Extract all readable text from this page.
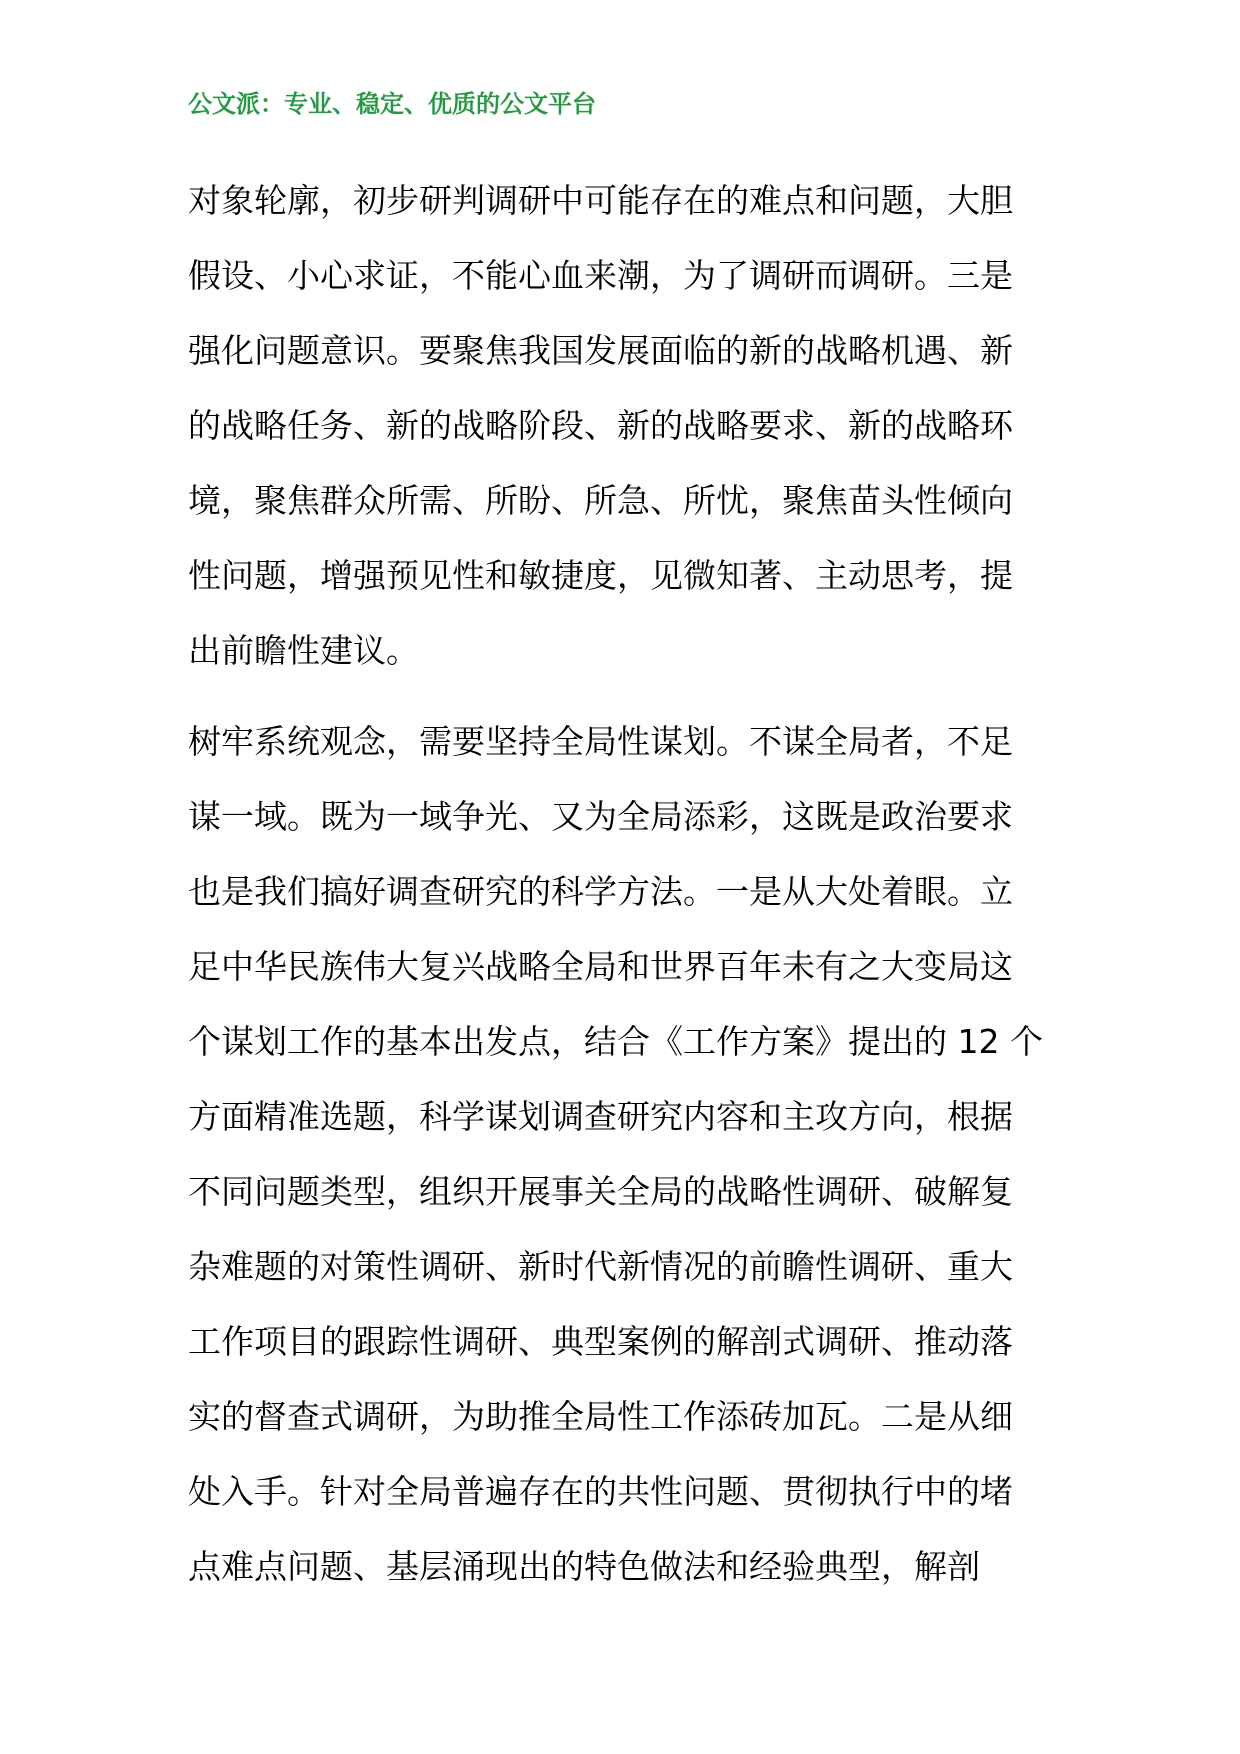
公文派：专业、稳定、优质的公文平台
对象轮廓，初步研判调研中可能存在的难点和问题，大胆
假设、小心求证，不能心血来潮，为了调研而调研。三是
强化问题意识。要聚焦我国发展面临的新的战略机遇、新
的战略任务、新的战略阶段、新的战略要求、新的战略环
境，聚焦群众所需、所盼、所急、所忧，聚焦苗头性倾向
性问题，增强预见性和敏捷度，见微知著、主动思考，提
出前瞻性建议。
树牢系统观念，需要坚持全局性谋划。不谋全局者，不足
谋一域。既为一域争光、又为全局添彩，这既是政治要求
也是我们搞好调查研究的科学方法。一是从大处着眼。立
足中华民族伟大复兴战略全局和世界百年未有之大变局这
个谋划工作的基本出发点，结合《工作方案》提出的 12 个
方面精准选题，科学谋划调查研究内容和主攻方向，根据
不同问题类型，组织开展事关全局的战略性调研、破解复
杂难题的对策性调研、新时代新情况的前瞻性调研、重大
工作项目的跟踪性调研、典型案例的解剖式调研、推动落
实的督查式调研，为助推全局性工作添砖加瓦。二是从细
处入手。针对全局普遍存在的共性问题、贯彻执行中的堵
点难点问题、基层涌现出的特色做法和经验典型，解剖
